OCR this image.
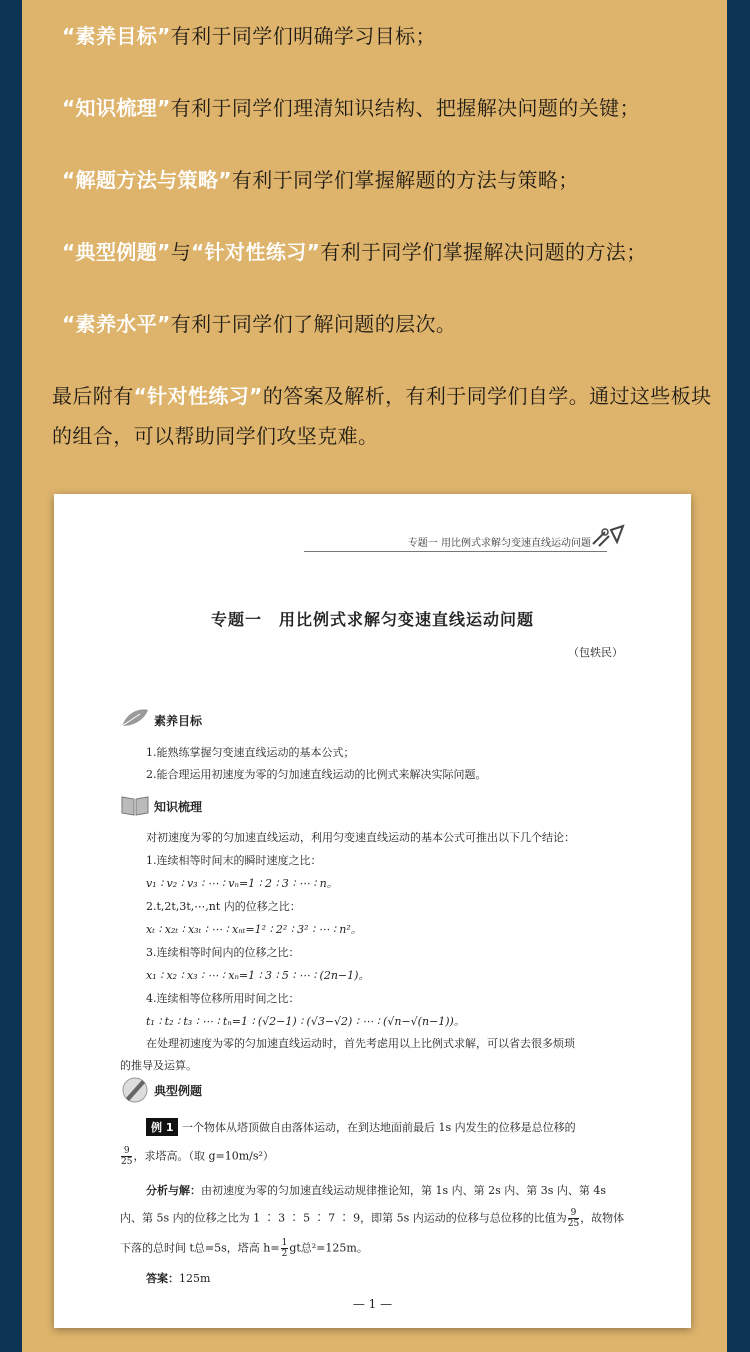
“素养目标”有利于同学们明确学习目标；
“知识梳理”有利于同学们理清知识结构、把握解决问题的关键；
“解题方法与策略”有利于同学们掌握解题的方法与策略；
“典型例题”与“针对性练习”有利于同学们掌握解决问题的方法；
“素养水平”有利于同学们了解问题的层次。
最后附有“针对性练习”的答案及解析，有利于同学们自学。通过这些板块的组合，可以帮助同学们攻坚克难。
专题一 用比例式求解匀变速直线运动问题
专题一　用比例式求解匀变速直线运动问题
（包轶民）
素养目标
1.能熟练掌握匀变速直线运动的基本公式；
2.能合理运用初速度为零的匀加速直线运动的比例式来解决实际问题。
知识梳理
对初速度为零的匀加速直线运动，利用匀变速直线运动的基本公式可推出以下几个结论：
1.连续相等时间末的瞬时速度之比：
v₁ ∶ v₂ ∶ v₃ ∶ ⋯ ∶ vₙ=1 ∶ 2 ∶ 3 ∶ ⋯ ∶ n。
2.t,2t,3t,⋯,nt 内的位移之比：
xₜ ∶ x₂ₜ ∶ x₃ₜ ∶ ⋯ ∶ xₙₜ=1² ∶ 2² ∶ 3² ∶ ⋯ ∶ n²。
3.连续相等时间内的位移之比：
x₁ ∶ x₂ ∶ x₃ ∶ ⋯ ∶ xₙ=1 ∶ 3 ∶ 5 ∶ ⋯ ∶ (2n−1)。
4.连续相等位移所用时间之比：
t₁ ∶ t₂ ∶ t₃ ∶ ⋯ ∶ tₙ=1 ∶ (√2−1) ∶ (√3−√2) ∶ ⋯ ∶ (√n−√(n−1))。
在处理初速度为零的匀加速直线运动时，首先考虑用以上比例式求解，可以省去很多烦琐
的推导及运算。
典型例题
例 1 一个物体从塔顶做自由落体运动，在到达地面前最后 1s 内发生的位移是总位移的
$\frac{9}{25}$ ，求塔高。（取 g=10m/s²）
分析与解：由初速度为零的匀加速直线运动规律推论知，第 1s 内、第 2s 内、第 3s 内、第 4s
内、第 5s 内的位移之比为 1 ∶ 3 ∶ 5 ∶ 7 ∶ 9，即第 5s 内运动的位移与总位移的比值为 $\frac{9}{25}$ ，故物体
下落的总时间 t总=5s，塔高 $h= \frac{1}{2}$ gt总²=125m。
答案：125m
— 1 —
